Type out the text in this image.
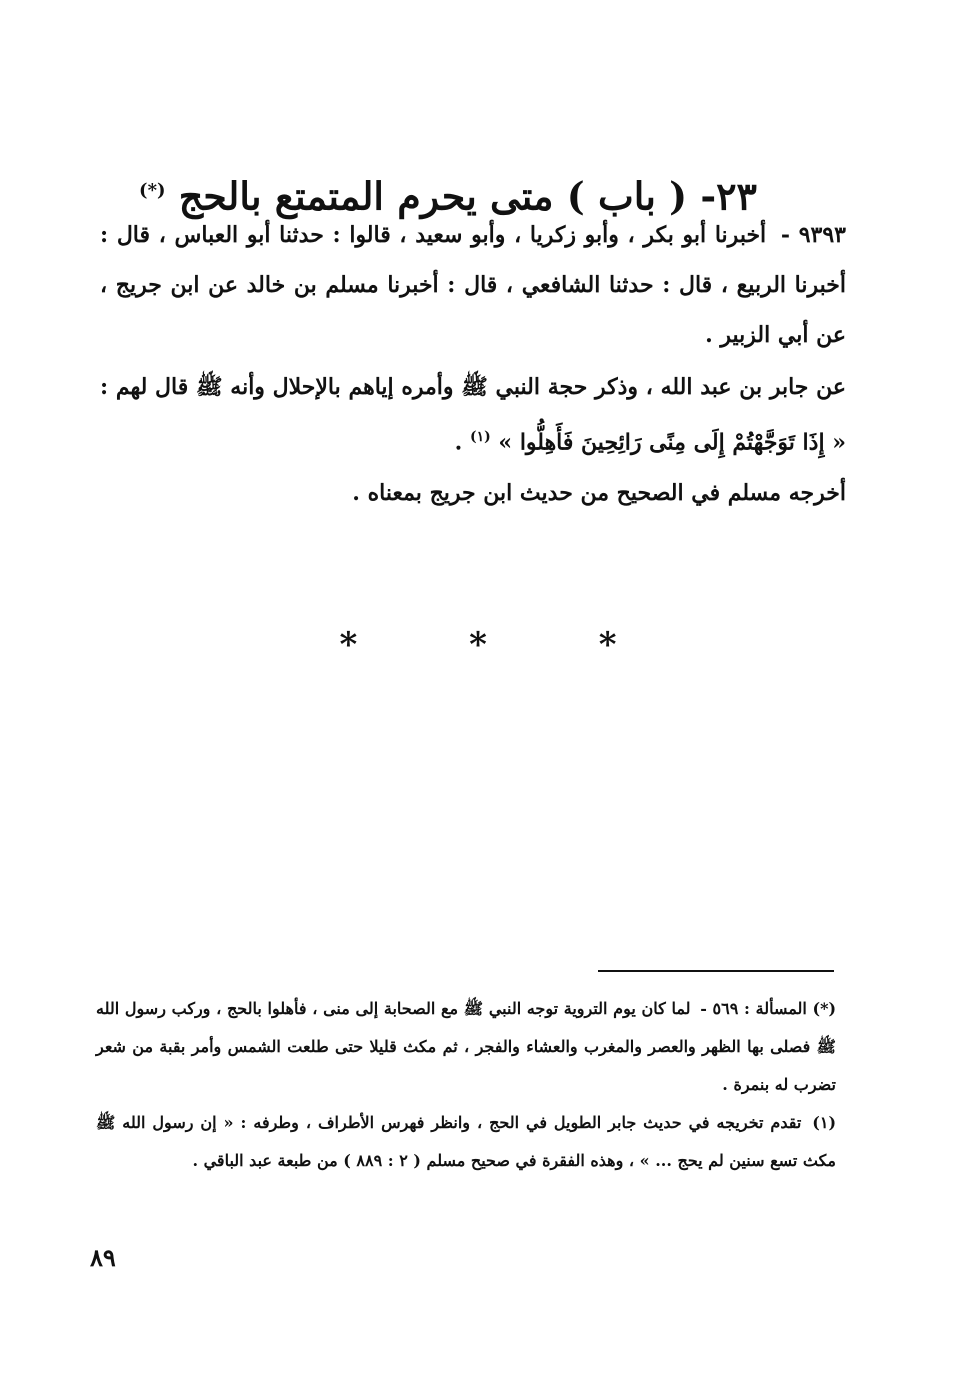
٢٣- ( باب ) متى يحرم المتمتع بالحج (*)

٩٣٩٣ - أخبرنا أبو بكر ، وأبو زكريا ، وأبو سعيد ، قالوا : حدثنا أبو العباس ، قال : أخبرنا الربيع ، قال : حدثنا الشافعي ، قال : أخبرنا مسلم بن خالد عن ابن جريج ، عن أبي الزبير .

عن جابر بن عبد الله ، وذكر حجة النبي ﷺ وأمره إياهم بالإحلال وأنه ﷺ قال لهم : « إِذَا تَوَجَّهْتُمْ إِلَى مِنًى رَائِحِينَ فَأَهِلُّوا » $^{(١)}$ .

أخرجه مسلم في الصحيح من حديث ابن جريج بمعناه .

* * *

(*) المسألة : ٥٦٩ - لما كان يوم التروية توجه النبي ﷺ مع الصحابة إلى منى ، فأهلوا بالحج ، وركب رسول الله ﷺ فصلى بها الظهر والعصر والمغرب والعشاء والفجر ، ثم مكث قليلا حتى طلعت الشمس وأمر بقبة من شعر تضرب له بنمرة .

(١) تقدم تخريجه في حديث جابر الطويل في الحج ، وانظر فهرس الأطراف ، وطرفه : « إن رسول الله ﷺ مكث تسع سنين لم يحج ... » ، وهذه الفقرة في صحيح مسلم ( ٢ : ٨٨٩ ) من طبعة عبد الباقي .

٨٩
